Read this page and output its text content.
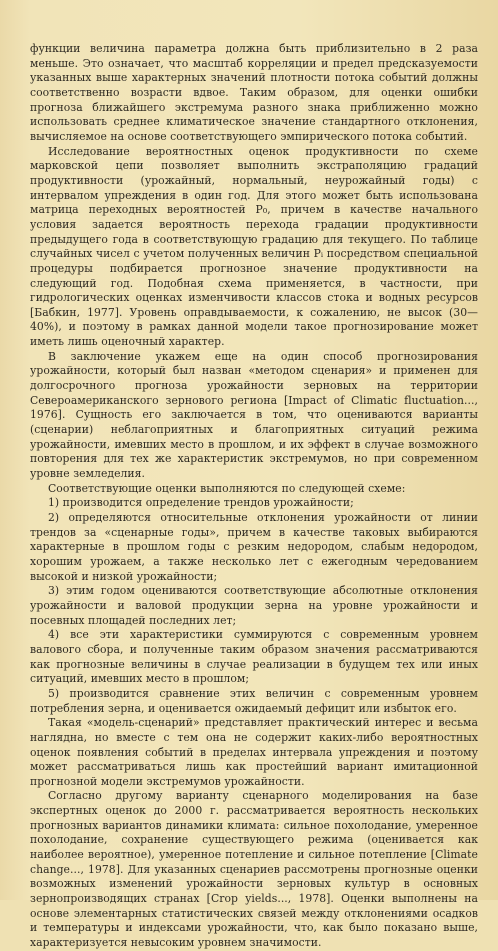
функции величина параметра должна быть приблизительно в 2 раза меньше. Это означает, что масштаб корреляции и предел предсказуемости указанных выше характерных значений плотности потока событий должны соответственно возрасти вдвое. Таким образом, для оценки ошибки прогноза ближайшего экстремума разного знака приближенно можно использовать среднее климатическое значение стандартного отклонения, вычисляемое на основе соответствующего эмпирического потока событий.

Исследование вероятностных оценок продуктивности по схеме марковской цепи позволяет выполнить экстраполяцию градаций продуктивности (урожайный, нормальный, неурожайный годы) с интервалом упреждения в один год. Для этого может быть использована матрица переходных вероятностей P₀, причем в качестве начального условия задается вероятность перехода градации продуктивности предыдущего года в соответствующую градацию для текущего. По таблице случайных чисел с учетом полученных величин Pᵢ посредством специальной процедуры подбирается прогнозное значение продуктивности на следующий год. Подобная схема применяется, в частности, при гидрологических оценках изменчивости классов стока и водных ресурсов [Бабкин, 1977]. Уровень оправдываемости, к сожалению, не высок (30—40%), и поэтому в рамках данной модели такое прогнозирование может иметь лишь оценочный характер.

В заключение укажем еще на один способ прогнозирования урожайности, который был назван «методом сценария» и применен для долгосрочного прогноза урожайности зерновых на территории Североамериканского зернового региона [Impact of Climatic fluctuation..., 1976]. Сущность его заключается в том, что оцениваются варианты (сценарии) неблагоприятных и благоприятных ситуаций режима урожайности, имевших место в прошлом, и их эффект в случае возможного повторения для тех же характеристик экстремумов, но при современном уровне земледелия.

Соответствующие оценки выполняются по следующей схеме:

1) производится определение трендов урожайности;

2) определяются относительные отклонения урожайности от линии трендов за «сценарные годы», причем в качестве таковых выбираются характерные в прошлом годы с резким недородом, слабым недородом, хорошим урожаем, а также несколько лет с ежегодным чередованием высокой и низкой урожайности;

3) этим годом оцениваются соответствующие абсолютные отклонения урожайности и валовой продукции зерна на уровне урожайности и посевных площадей последних лет;

4) все эти характеристики суммируются с современным уровнем валового сбора, и полученные таким образом значения рассматриваются как прогнозные величины в случае реализации в будущем тех или иных ситуаций, имевших место в прошлом;

5) производится сравнение этих величин с современным уровнем потребления зерна, и оценивается ожидаемый дефицит или избыток его.

Такая «модель-сценарий» представляет практический интерес и весьма наглядна, но вместе с тем она не содержит каких-либо вероятностных оценок появления событий в пределах интервала упреждения и поэтому может рассматриваться лишь как простейший вариант имитационной прогнозной модели экстремумов урожайности.

Согласно другому варианту сценарного моделирования на базе экспертных оценок до 2000 г. рассматривается вероятность нескольких прогнозных вариантов динамики климата: сильное похолодание, умеренное похолодание, сохранение существующего режима (оценивается как наиболее вероятное), умеренное потепление и сильное потепление [Climate change..., 1978]. Для указанных сценариев рассмотрены прогнозные оценки возможных изменений урожайности зерновых культур в основных зернопроизводящих странах [Crop yields..., 1978]. Оценки выполнены на основе элементарных статистических связей между отклонениями осадков и температуры и индексами урожайности, что, как было показано выше, характеризуется невысоким уровнем значимости.
